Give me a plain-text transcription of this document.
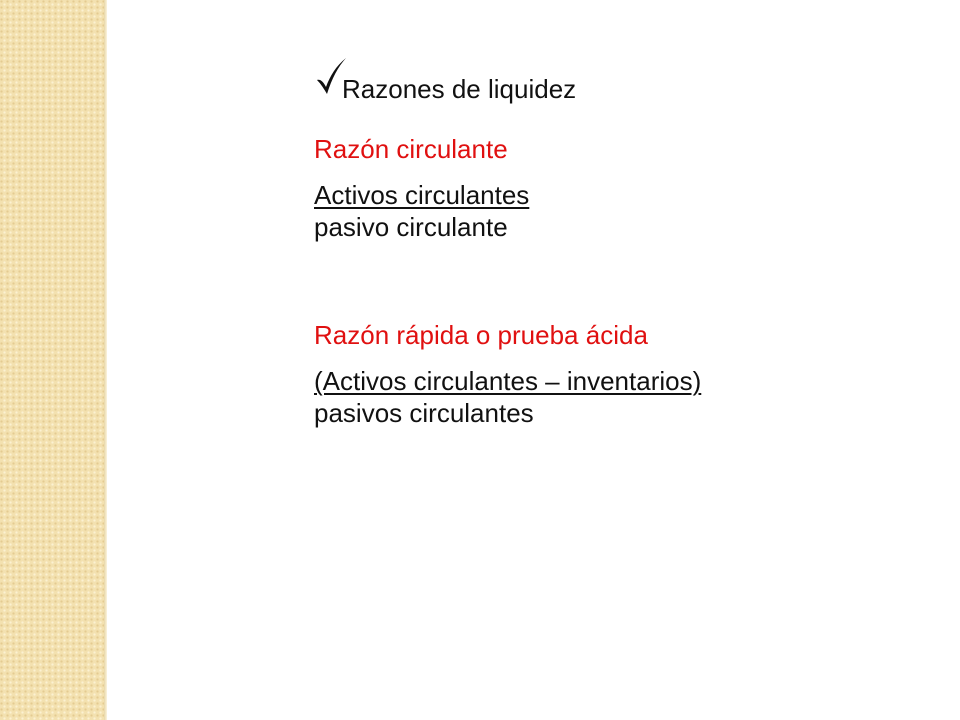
Razones de liquidez

Razón circulante

Activos circulantes

pasivo circulante

Razón rápida o prueba ácida

(Activos circulantes – inventarios)

pasivos circulantes
